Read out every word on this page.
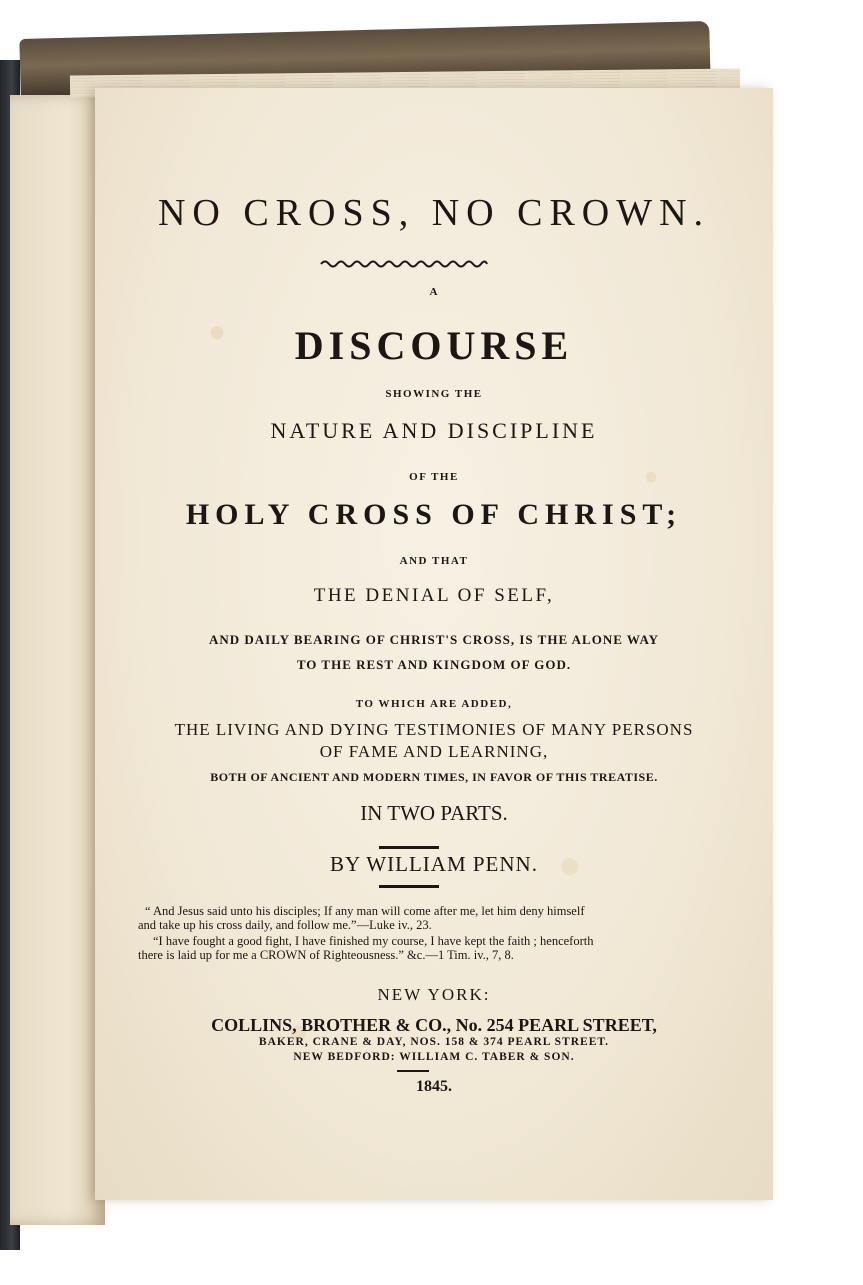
NO CROSS, NO CROWN.
A
DISCOURSE
SHOWING THE
NATURE AND DISCIPLINE
OF THE
HOLY CROSS OF CHRIST;
AND THAT
THE DENIAL OF SELF,
AND DAILY BEARING OF CHRIST'S CROSS, IS THE ALONE WAY
TO THE REST AND KINGDOM OF GOD.
TO WHICH ARE ADDED,
THE LIVING AND DYING TESTIMONIES OF MANY PERSONS
OF FAME AND LEARNING,
BOTH OF ANCIENT AND MODERN TIMES, IN FAVOR OF THIS TREATISE.
IN TWO PARTS.
BY WILLIAM PENN.
“ And Jesus said unto his disciples; If any man will come after me, let him deny himself
and take up his cross daily, and follow me.”—Luke iv., 23.
“I have fought a good fight, I have finished my course, I have kept the faith ; henceforth
there is laid up for me a CROWN of Righteousness.” &c.—1 Tim. iv., 7, 8.
NEW YORK:
COLLINS, BROTHER & CO., No. 254 PEARL STREET,
BAKER, CRANE & DAY, NOS. 158 & 374 PEARL STREET.
NEW BEDFORD: WILLIAM C. TABER & SON.
1845.
